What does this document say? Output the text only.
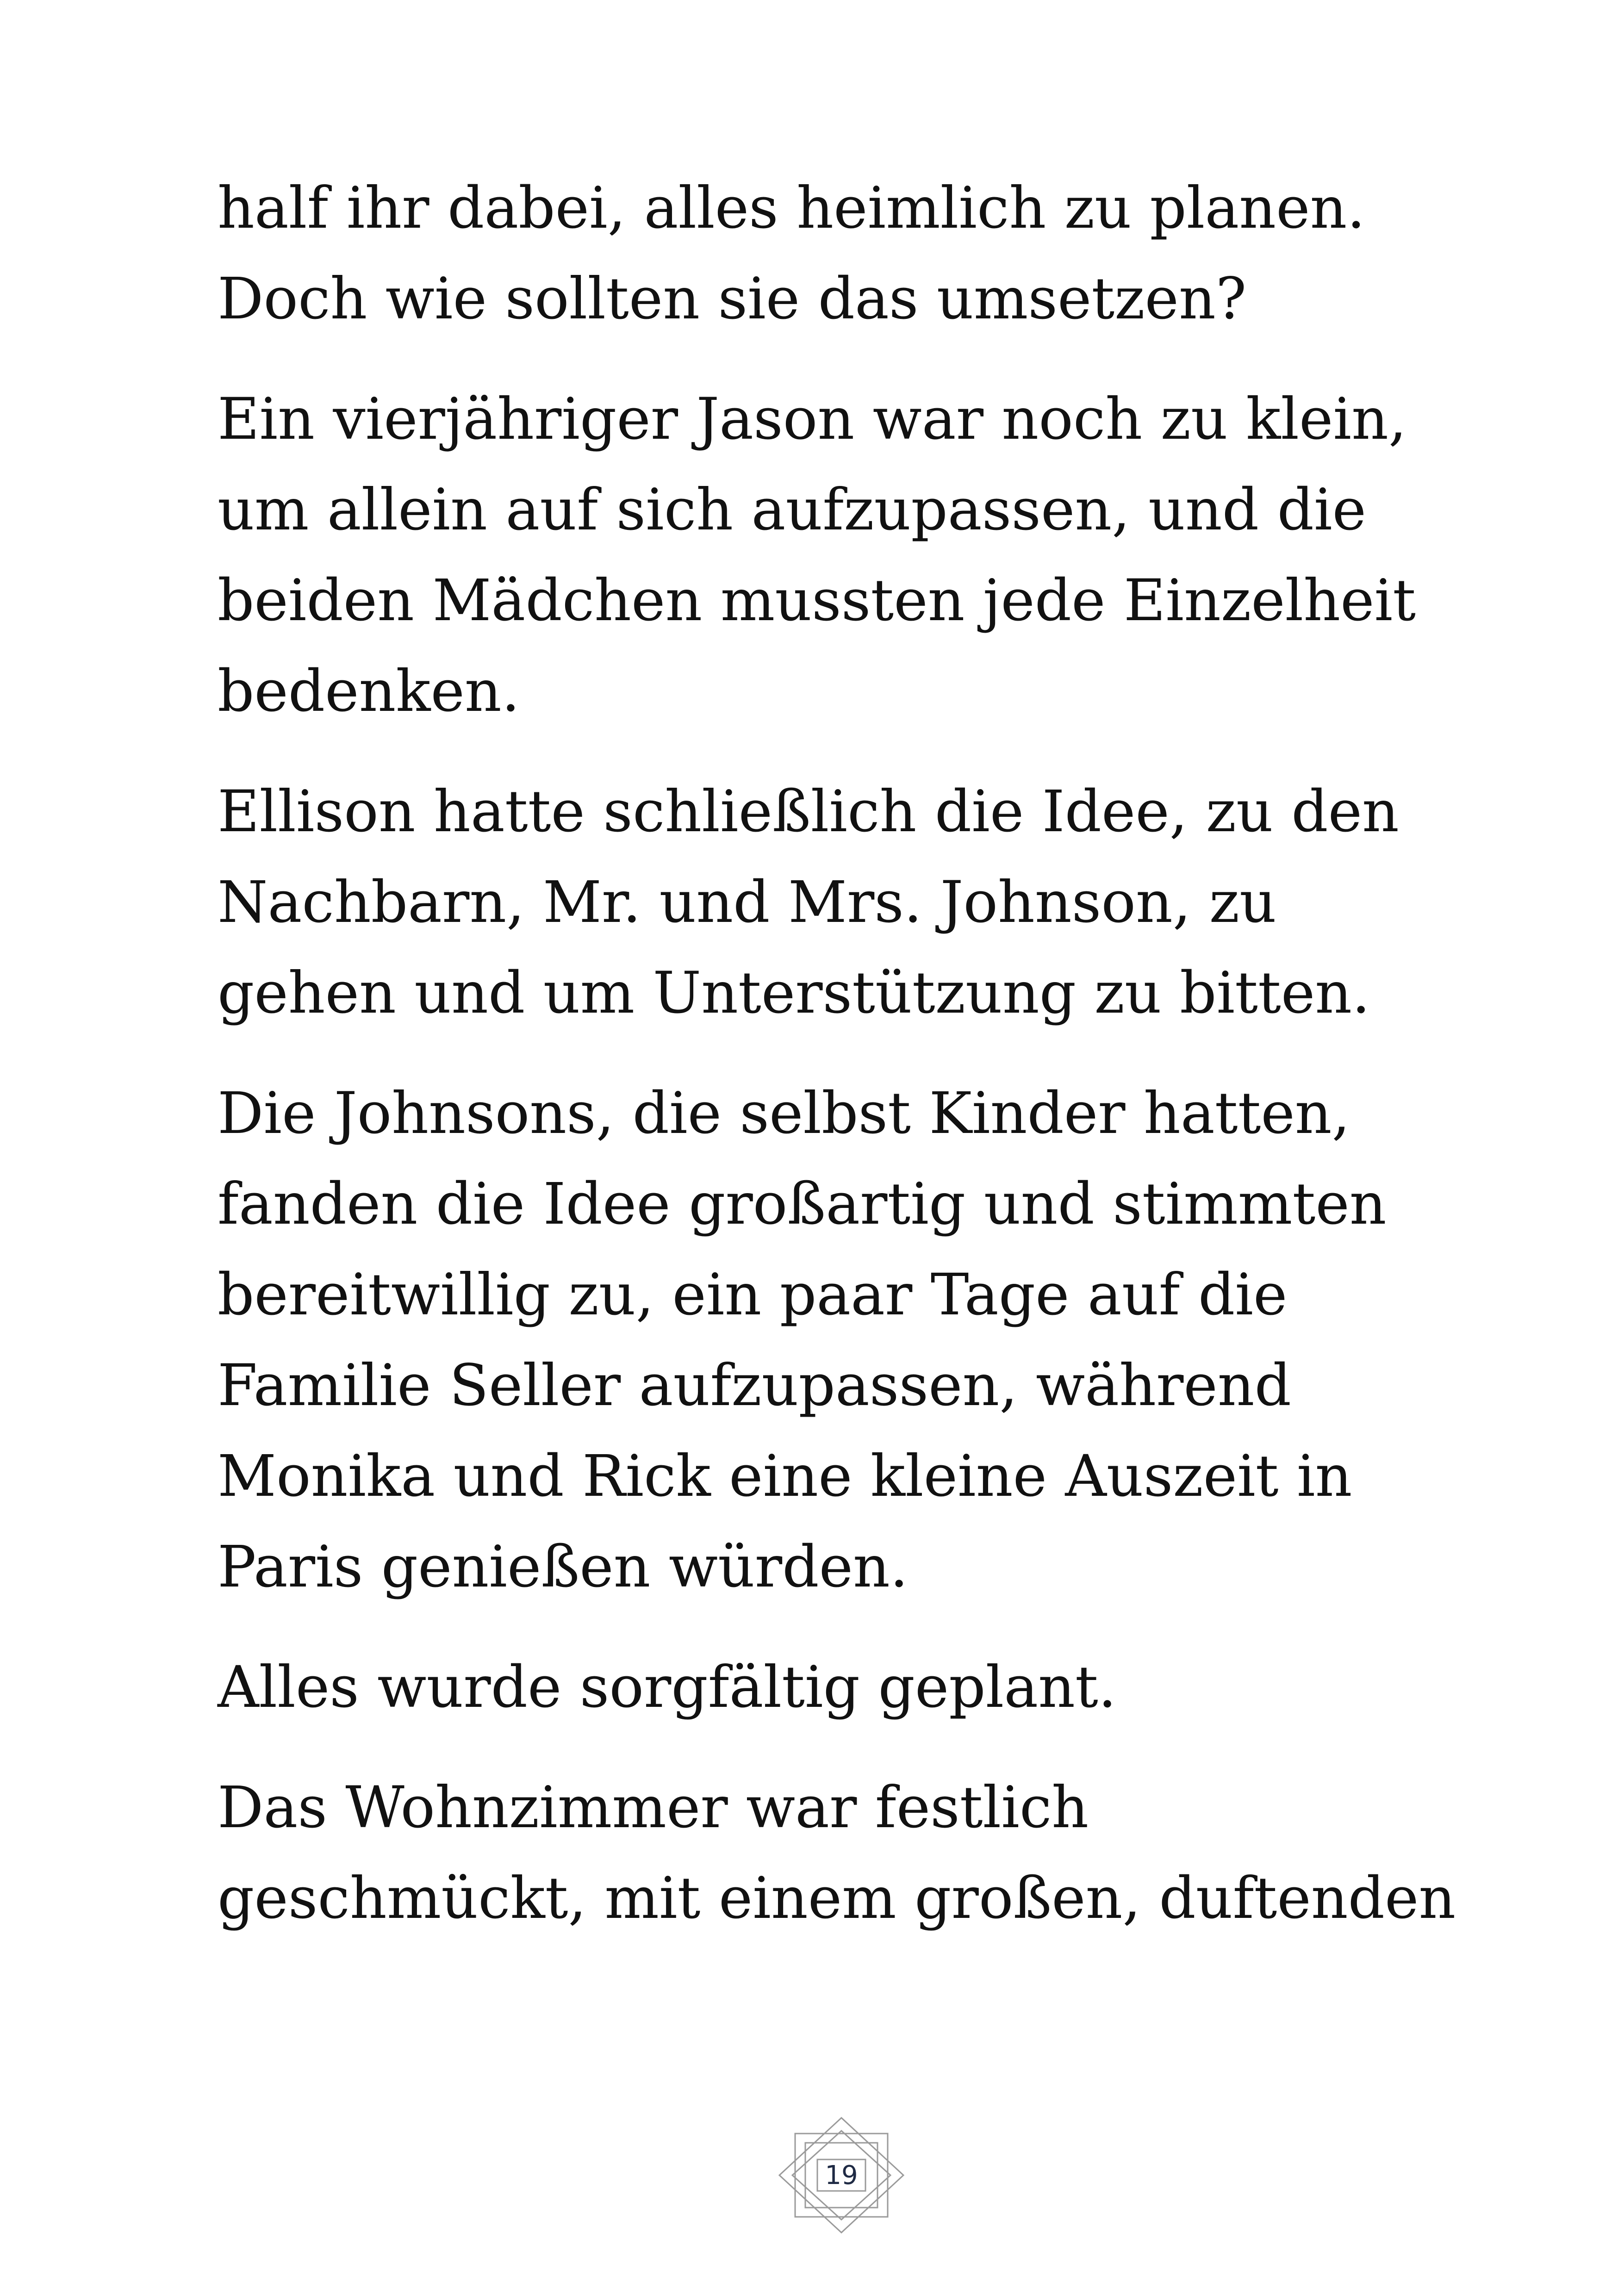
half ihr dabei, alles heimlich zu planen.
Doch wie sollten sie das umsetzen?

Ein vierjähriger Jason war noch zu klein,
um allein auf sich aufzupassen, und die
beiden Mädchen mussten jede Einzelheit
bedenken.

Ellison hatte schließlich die Idee, zu den
Nachbarn, Mr. und Mrs. Johnson, zu
gehen und um Unterstützung zu bitten.

Die Johnsons, die selbst Kinder hatten,
fanden die Idee großartig und stimmten
bereitwillig zu, ein paar Tage auf die
Familie Seller aufzupassen, während
Monika und Rick eine kleine Auszeit in
Paris genießen würden.

Alles wurde sorgfältig geplant.

Das Wohnzimmer war festlich
geschmückt, mit einem großen, duftenden

19
